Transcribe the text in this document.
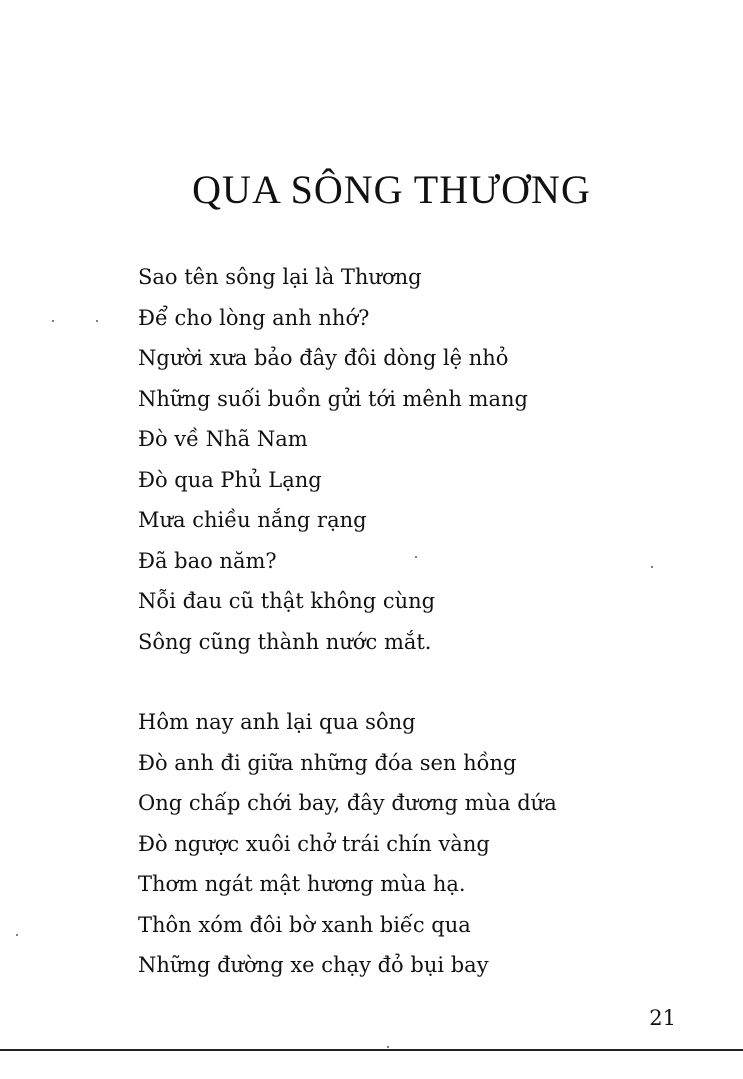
QUA SÔNG THƯƠNG
Sao tên sông lại là Thương
Để cho lòng anh nhớ?
Người xưa bảo đây đôi dòng lệ nhỏ
Những suối buồn gửi tới mênh mang
Đò về Nhã Nam
Đò qua Phủ Lạng
Mưa chiều nắng rạng
Đã bao năm?
Nỗi đau cũ thật không cùng
Sông cũng thành nước mắt.
Hôm nay anh lại qua sông
Đò anh đi giữa những đóa sen hồng
Ong chấp chới bay, đây đương mùa dứa
Đò ngược xuôi chở trái chín vàng
Thơm ngát mật hương mùa hạ.
Thôn xóm đôi bờ xanh biếc qua
Những đường xe chạy đỏ bụi bay
21
